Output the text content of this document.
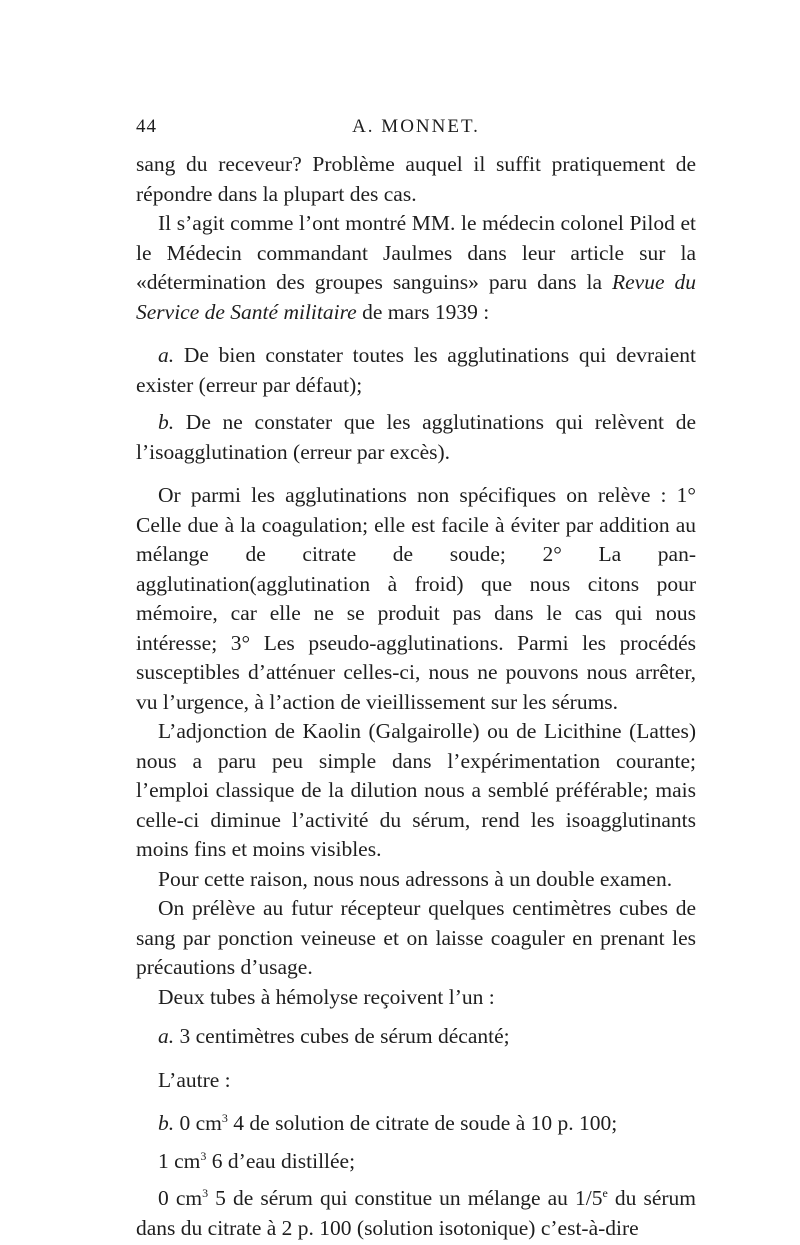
44	A. MONNET.

sang du receveur? Problème auquel il suffit pratiquement de répondre dans la plupart des cas.

Il s’agit comme l’ont montré MM. le médecin colonel Pilod et le Médecin commandant Jaulmes dans leur article sur la «détermination des groupes sanguins» paru dans la Revue du Service de Santé militaire de mars 1939 :

a. De bien constater toutes les agglutinations qui devraient exister (erreur par défaut);

b. De ne constater que les agglutinations qui relèvent de l’isoagglutination (erreur par excès).

Or parmi les agglutinations non spécifiques on relève : 1° Celle due à la coagulation; elle est facile à éviter par addition au mélange de citrate de soude; 2° La pan-agglutination(agglutination à froid) que nous citons pour mémoire, car elle ne se produit pas dans le cas qui nous intéresse; 3° Les pseudo-agglutinations. Parmi les procédés susceptibles d’atténuer celles-ci, nous ne pouvons nous arrêter, vu l’urgence, à l’action de vieillissement sur les sérums.

L’adjonction de Kaolin (Galgairolle) ou de Licithine (Lattes) nous a paru peu simple dans l’expérimentation courante; l’emploi classique de la dilution nous a semblé préférable; mais celle-ci diminue l’activité du sérum, rend les isoagglutinants moins fins et moins visibles.

Pour cette raison, nous nous adressons à un double examen.

On prélève au futur récepteur quelques centimètres cubes de sang par ponction veineuse et on laisse coaguler en prenant les précautions d’usage.

Deux tubes à hémolyse reçoivent l’un :

a. 3 centimètres cubes de sérum décanté;

L’autre :

b. 0 $cm^3$ 4 de solution de citrate de soude à 10 p. 100;

1 $cm^3$ 6 d’eau distillée;

0 $cm^3$ 5 de sérum qui constitue un mélange au 1/5e du sérum dans du citrate à 2 p. 100 (solution isotonique) c’est-à-dire
